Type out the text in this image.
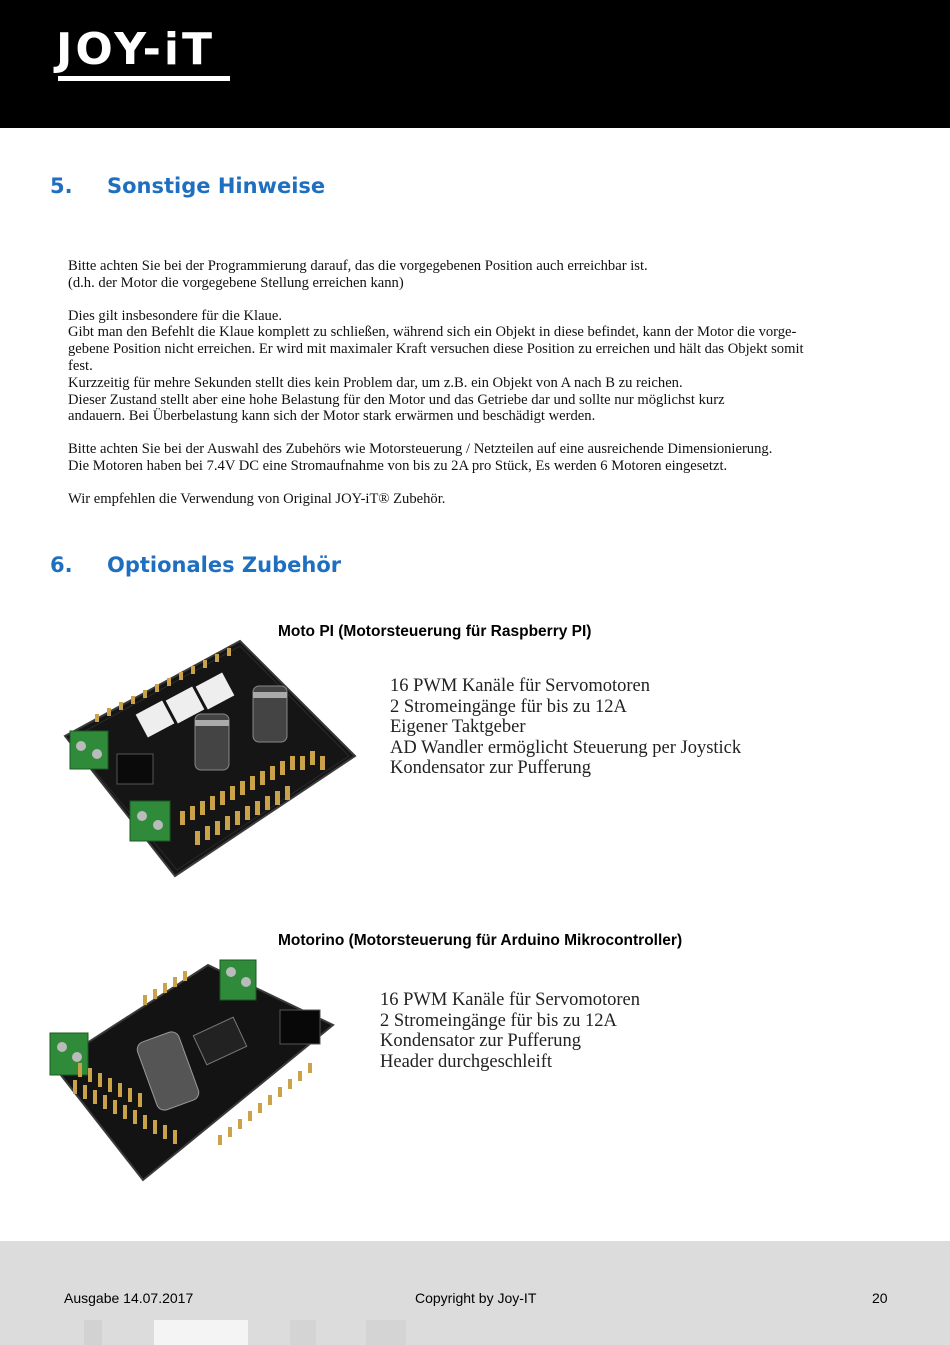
JOY-iT
5. Sonstige Hinweise

Bitte achten Sie bei der Programmierung darauf, das die vorgegebenen Position auch erreichbar ist.

(d.h. der Motor die vorgegebene Stellung erreichen kann)

Dies gilt insbesondere für die Klaue.

Gibt man den Befehlt die Klaue komplett zu schließen, während sich ein Objekt in diese befindet, kann der Motor die vorge-

gebene Position nicht erreichen. Er wird mit maximaler Kraft versuchen diese Position zu erreichen und hält das Objekt somit

fest.

Kurzzeitig für mehre Sekunden stellt dies kein Problem dar, um z.B. ein Objekt von A nach B zu reichen.

Dieser Zustand stellt aber eine hohe Belastung für den Motor und das Getriebe dar und sollte nur möglichst kurz

andauern. Bei Überbelastung kann sich der Motor stark erwärmen und beschädigt werden.

Bitte achten Sie bei der Auswahl des Zubehörs wie Motorsteuerung / Netzteilen auf eine ausreichende Dimensionierung.

Die Motoren haben bei 7.4V DC eine Stromaufnahme von bis zu 2A pro Stück, Es werden 6 Motoren eingesetzt.

Wir empfehlen die Verwendung von Original JOY-iT® Zubehör.

6. Optionales Zubehör
Moto PI (Motorsteuerung für Raspberry PI)
16 PWM Kanäle für Servomotoren
2 Stromeingänge für bis zu 12A
Eigener Taktgeber
AD Wandler ermöglicht Steuerung per Joystick
Kondensator zur Pufferung
Motorino (Motorsteuerung für Arduino Mikrocontroller)
16 PWM Kanäle für Servomotoren
2 Stromeingänge für bis zu 12A
Kondensator zur Pufferung
Header durchgeschleift
Ausgabe 14.07.2017	Copyright by Joy-IT	20
